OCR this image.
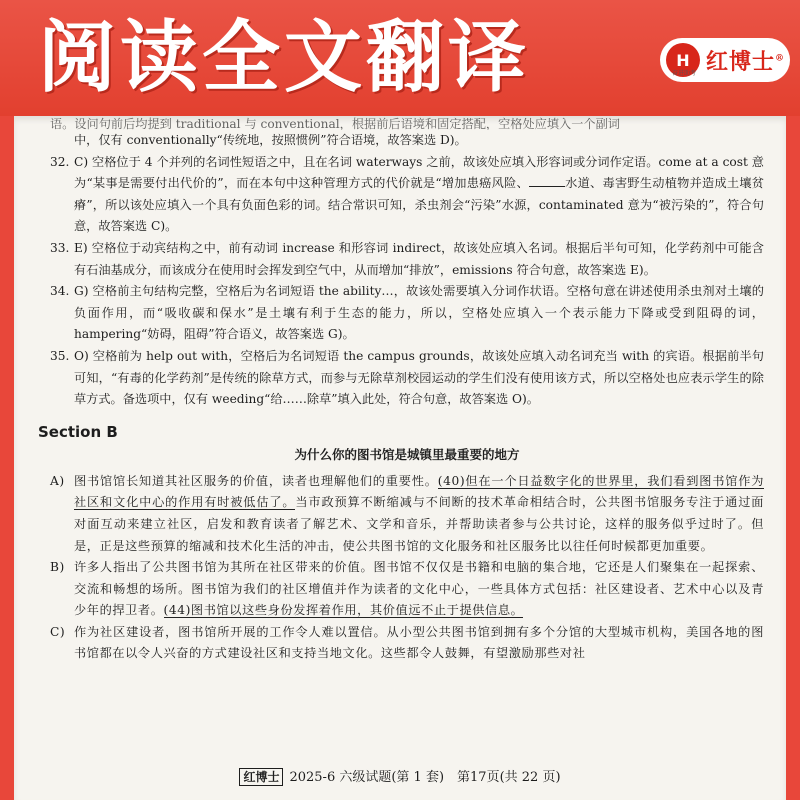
阅读全文翻译	H
奋进助考 红博士®
语。设问句前后均提到 traditional 与 conventional，根据前后语境和固定搭配，空格处应填入一个副词

中，仅有 conventionally“传统地，按照惯例”符合语境，故答案选 D)。

32. C) 空格位于 4 个并列的名词性短语之中，且在名词 waterways 之前，故该处应填入形容词或分词作定语。come at a cost 意为“某事是需要付出代价的”，而在本句中这种管理方式的代价就是“增加患癌风险、	水道、毒害野生动植物并造成土壤贫瘠”，所以该处应填入一个具有负面色彩的词。结合常识可知，杀虫剂会“污染”水源，contaminated 意为“被污染的”，符合句意，故答案选 C)。
33. E) 空格位于动宾结构之中，前有动词 increase 和形容词 indirect，故该处应填入名词。根据后半句可知，化学药剂中可能含有石油基成分，而该成分在使用时会挥发到空气中，从而增加“排放”，emissions 符合句意，故答案选 E)。
34. G) 空格前主句结构完整，空格后为名词短语 the ability…，故该处需要填入分词作状语。空格句意在讲述使用杀虫剂对土壤的负面作用，而“吸收碳和保水”是土壤有利于生态的能力，所以，空格处应填入一个表示能力下降或受到阻碍的词，hampering“妨碍，阻碍”符合语义，故答案选 G)。
35. O) 空格前为 help out with，空格后为名词短语 the campus grounds，故该处应填入动名词充当 with 的宾语。根据前半句可知，“有毒的化学药剂”是传统的除草方式，而参与无除草剂校园运动的学生们没有使用该方式，所以空格处也应表示学生的除草方式。备选项中，仅有 weeding“给……除草”填入此处，符合句意，故答案选 O)。
Section B
为什么你的图书馆是城镇里最重要的地方
A) 图书馆馆长知道其社区服务的价值，读者也理解他们的重要性。(40)但在一个日益数字化的世界里，我们看到图书馆作为社区和文化中心的作用有时被低估了。当市政预算不断缩减与不间断的技术革命相结合时，公共图书馆服务专注于通过面对面互动来建立社区，启发和教育读者了解艺术、文学和音乐，并帮助读者参与公共讨论，这样的服务似乎过时了。但是，正是这些预算的缩减和技术化生活的冲击，使公共图书馆的文化服务和社区服务比以往任何时候都更加重要。
B) 许多人指出了公共图书馆为其所在社区带来的价值。图书馆不仅仅是书籍和电脑的集合地，它还是人们聚集在一起探索、交流和畅想的场所。图书馆为我们的社区增值并作为读者的文化中心，一些具体方式包括：社区建设者、艺术中心以及青少年的捍卫者。(44)图书馆以这些身份发挥着作用，其价值远不止于提供信息。
C) 作为社区建设者，图书馆所开展的工作令人难以置信。从小型公共图书馆到拥有多个分馆的大型城市机构，美国各地的图书馆都在以令人兴奋的方式建设社区和支持当地文化。这些都令人鼓舞，有望激励那些对社
红博士 2025-6 六级试题(第 1 套)　第17页(共 22 页)
